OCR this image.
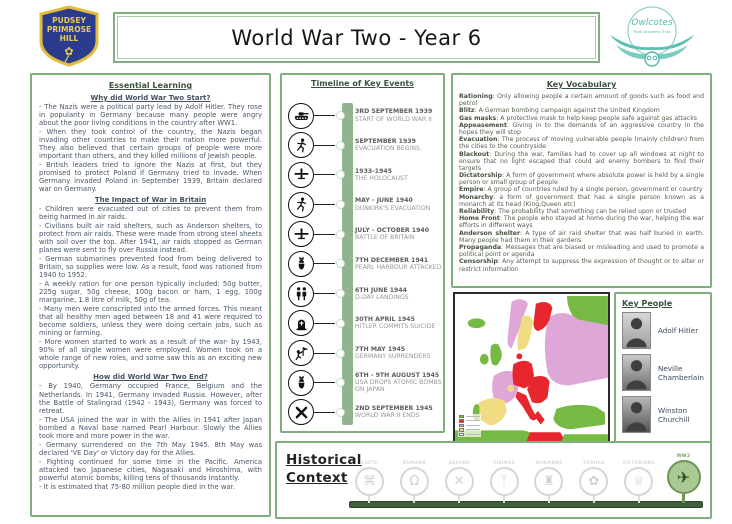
PUDSEY
PRIMROSE
HILL
✿
World War Two - Year 6
Owlcotes
Multi Academy Trust
Essential Learning
Why did World War Two Start?

- The Nazis were a political party lead by Adolf Hitler. They rose in popularity in Germany because many people were angry about the poor living conditions in the country after WW1.

- When they took control of the country, the Nazis began invading other countries to make their nation more powerful. They also believed that certain groups of people were more important than others, and they killed millions of Jewish people.

- British leaders tried to ignore the Nazis at first, but they promised to protect Poland if Germany tried to invade. When Germany invaded Poland in September 1939, Britain declared war on Germany.

The Impact of War in Britain

- Children were evacuated out of cities to prevent them from being harmed in air raids.

- Civilians built air raid shelters, such as Anderson shelters, to protect from air raids. These were made from strong steel sheets with soil over the top. After 1941, air raids stopped as German planes were sent to fly over Russia instead.

- German submarines prevented food from being delivered to Britain, so supplies were low. As a result, food was rationed from 1940 to 1952.

- A weekly ration for one person typically included: 50g butter, 225g sugar, 50g cheese, 100g bacon or ham, 1 egg, 100g margarine, 1.8 litre of milk, 50g of tea.

- Many men were conscripted into the armed forces. This meant that all healthy men aged between 18 and 41 were required to become soldiers, unless they were doing certain jobs, such as mining or farming.

- More women started to work as a result of the war- by 1943, 90% of all single women were employed. Women took on a whole range of new roles, and some saw this as an exciting new opportunity.

How did World War Two End?

- By 1940, Germany occupied France, Belgium and the Netherlands. In 1941, Germany invaded Russia. However, after the Battle of Stalingrad (1942 - 1943), Germany was forced to retreat.

- The USA joined the war in with the Allies in 1941 after Japan bombed a Naval base named Pearl Harbour. Slowly the Allies took more and more power in the war.

- Germany surrendered on the 7th May 1945. 8th May was declared 'VE Day' or Victory day for the Allies.

- Fighting continued for some time in the Pacific. America attacked two Japanese cities, Nagasaki and Hiroshima, with powerful atomic bombs, killing tens of thousands instantly.

- It is estimated that 75-80 million people died in the war.

Timeline of Key Events
3RD SEPTEMBER 1939
START OF WORLD WAR II
SEPTEMBER 1939
EVACUATION BEGINS.
1933-1945
THE HOLOCAUST
MAY - JUNE 1940
DUNKIRK'S EVACUATION
JULY - OCTOBER 1940
BATTLE OF BRITAIN
7TH DECEMBER 1941
PEARL HARBOUR ATTACKED
6TH JUNE 1944
D-DAY LANDINGS
30TH APRIL 1945
HITLER COMMITS SUICIDE
7TH MAY 1945
GERMANY SURRENDERS
6TH - 9TH AUGUST 1945
USA DROPS ATOMIC BOMBS ON JAPAN
2ND SEPTEMBER 1945
WORLD WAR II ENDS
Key Vocabulary

Rationing: Only allowing people a certain amount of goods such as food and petrol

Blitz: A German bombing campaign against the United Kingdom

Gas masks: A protective mask to help keep people safe against gas attacks

Appeasement: Giving in to the demands of an aggressive country in the hopes they will stop

Evacuation: The process of moving vulnerable people (mainly children) from the cities to the countryside

Blackout: During the war, families had to cover up all windows at night to ensure that no light escaped that could aid enemy bombers to find their targets

Dictatorship: A form of government where absolute power is held by a single person or small group of people

Empire: A group of countries ruled by a single person, government or country

Monarchy: a form of government that has a single person known as a monarch at its head (King,Queen etc)

Reliability: The probability that something can be relied upon or trusted

Home Front: The people who stayed at home during the war, helping the war efforts in different ways

Anderson shelter: A type of air raid shelter that was half buried in earth. Many people had them in their gardens

Propaganda: Messages that are biased or misleading and used to promote a political point or agenda

Censorship: Any attempt to suppress the expression of thought or to alter or restrict information

Key People
Adolf Hitler
Neville Chamberlain
Winston Churchill
Historical
Context
CELTS
⌘
ROMANS
Ω
SAXONS
✕
VIKINGS
ᛉ
NORMANS
♜
TUDORS
✿
VICTORIANS
♕
WW2
✈
